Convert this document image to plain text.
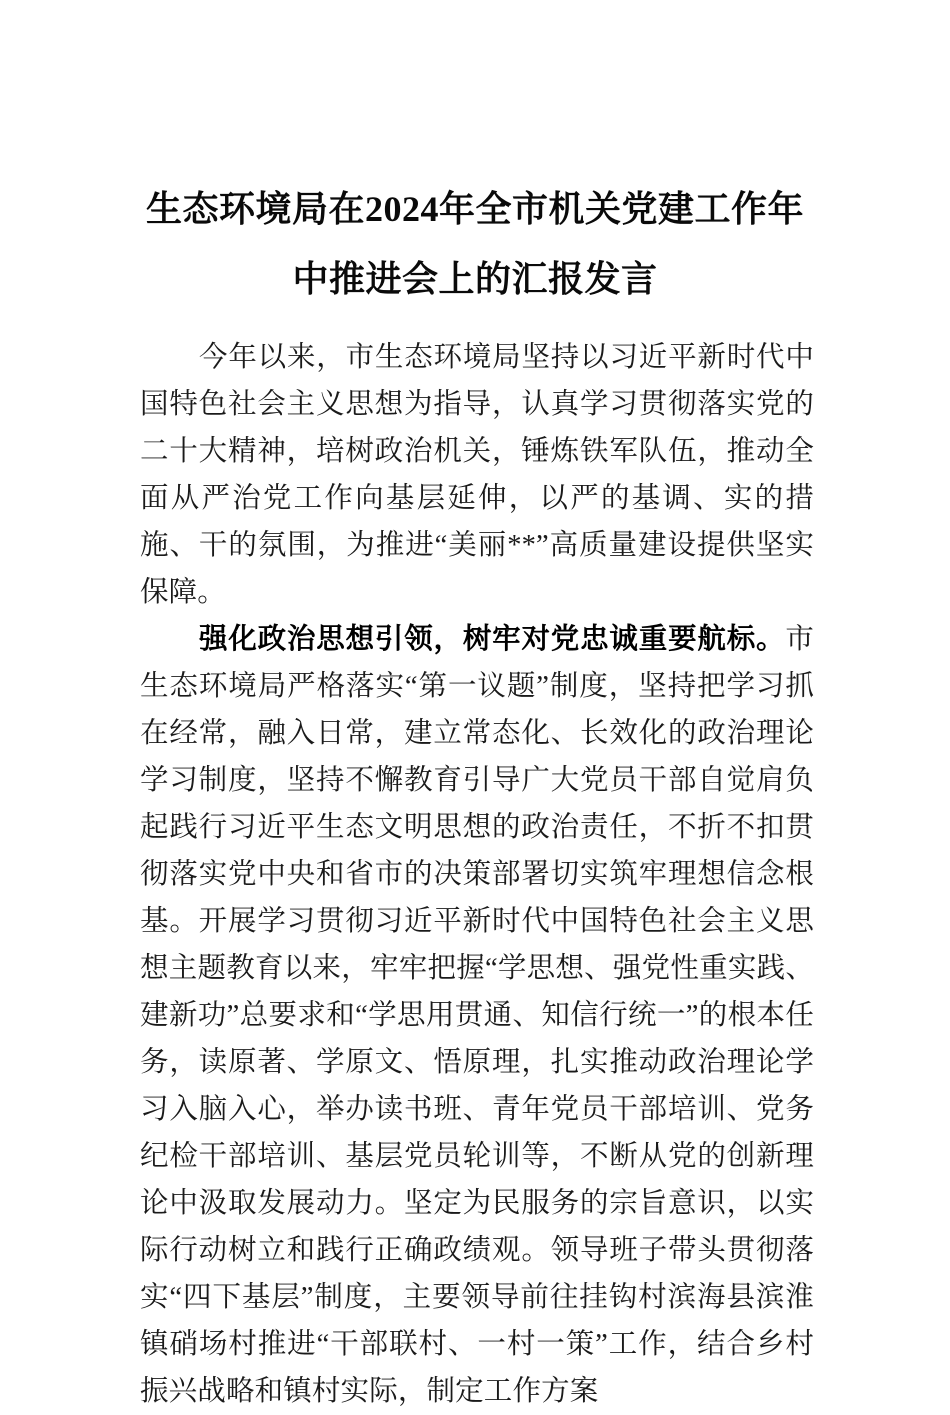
生态环境局在2024年全市机关党建工作年
中推进会上的汇报发言

今年以来，市生态环境局坚持以习近平新时代中国特色社会主义思想为指导，认真学习贯彻落实党的二十大精神，培树政治机关，锤炼铁军队伍，推动全面从严治党工作向基层延伸，以严的基调、实的措施、干的氛围，为推进“美丽**”高质量建设提供坚实保障。

强化政治思想引领，树牢对党忠诚重要航标。市生态环境局严格落实“第一议题”制度，坚持把学习抓在经常，融入日常，建立常态化、长效化的政治理论学习制度，坚持不懈教育引导广大党员干部自觉肩负起践行习近平生态文明思想的政治责任，不折不扣贯彻落实党中央和省市的决策部署切实筑牢理想信念根基。开展学习贯彻习近平新时代中国特色社会主义思想主题教育以来，牢牢把握“学思想、强党性重实践、建新功”总要求和“学思用贯通、知信行统一”的根本任务，读原著、学原文、悟原理，扎实推动政治理论学习入脑入心，举办读书班、青年党员干部培训、党务纪检干部培训、基层党员轮训等，不断从党的创新理论中汲取发展动力。坚定为民服务的宗旨意识，以实际行动树立和践行正确政绩观。领导班子带头贯彻落实“四下基层”制度，主要领导前往挂钩村滨海县滨淮镇硝场村推进“干部联村、一村一策”工作，结合乡村振兴战略和镇村实际，制定工作方案
